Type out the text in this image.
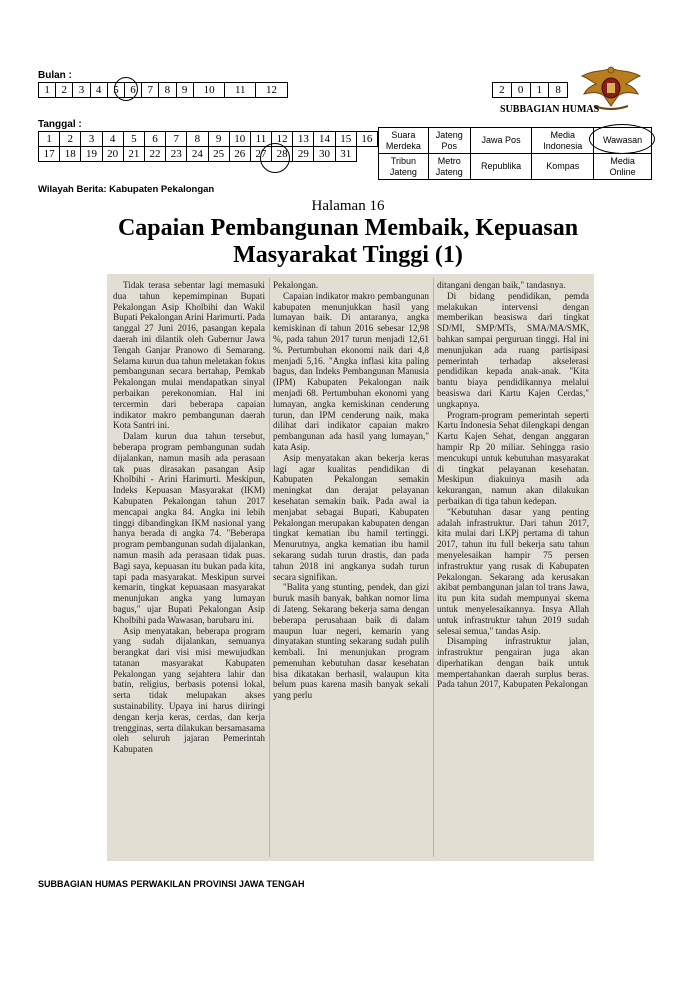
Bulan :
1	2	3	4	5	6	7	8	9	10	11	12
Tanggal :
1	2	3	4	5	6	7	8	9	10	11	12	13	14	15	16
17	18	19	20	21	22	23	24	25	26	27	28	29	30	31	
2	0	1	8
SUBBAGIAN HUMAS
Suara Merdeka	Jateng Pos	Jawa Pos	Media Indonesia	Wawasan
Tribun Jateng	Metro Jateng	Republika	Kompas	Media Online
Wilayah Berita: Kabupaten Pekalongan
Halaman 16
Capaian Pembangunan Membaik, Kepuasan
Masyarakat Tinggi (1)

Tidak terasa sebentar lagi memasuki dua tahun kepemimpinan Bupati Pekalongan Asip Kholbihi dan Wakil Bupati Pekalongan Arini Harimurti. Pada tanggal 27 Juni 2016, pasangan kepala daerah ini dilantik oleh Gubernur Jawa Tengah Ganjar Pranowo di Semarang. Selama kurun dua tahun meletakan fokus pembangunan secara bertahap, Pemkab Pekalongan mulai mendapatkan sinyal perbaikan perekonomian. Hal ini tercermin dari beberapa capaian indikator makro pembangunan daerah Kota Santri ini.

Dalam kurun dua tahun tersebut, beberapa program pembangunan sudah dijalankan, namun masih ada perasaan tak puas dirasakan pasangan Asip Kholbihi - Arini Harimurti. Meskipun, Indeks Kepuasan Masyarakat (IKM) Kabupaten Pekalongan tahun 2017 mencapai angka 84. Angka ini lebih tinggi dibandingkan IKM nasional yang hanya berada di angka 74. "Beberapa program pembangunan sudah dijalankan, namun masih ada perasaan tidak puas. Bagi saya, kepuasan itu bukan pada kita, tapi pada masyarakat. Meskipun survei kemarin, tingkat kepuasaan masyarakat menunjukan angka yang lumayan bagus," ujar Bupati Pekalongan Asip Kholbihi pada Wawasan, barubaru ini.

Asip menyatakan, beberapa program yang sudah dijalankan, semuanya berangkat dari visi misi mewujudkan tatanan masyarakat Kabupaten Pekalongan yang sejahtera lahir dan batin, religius, berbasis potensi lokal, serta tidak melupakan akses sustainability. Upaya ini harus diiringi dengan kerja keras, cerdas, dan kerja trengginas, serta dilakukan bersamasama oleh seluruh jajaran Pemerintah Kabupaten

Pekalongan.

Capaian indikator makro pembangunan kabupaten menunjukkan hasil yang lumayan baik. Di antaranya, angka kemiskinan di tahun 2016 sebesar 12,98 %, pada tahun 2017 turun menjadi 12,61 %. Pertumbuhan ekonomi naik dari 4,8 menjadi 5,16. "Angka inflasi kita paling bagus, dan Indeks Pembangunan Manusia (IPM) Kabupaten Pekalongan naik menjadi 68. Pertumbuhan ekonomi yang lumayan, angka kemiskinan cenderung turun, dan IPM cenderung naik, maka dilihat dari indikator capaian makro pembangunan ada hasil yang lumayan," kata Asip.

Asip menyatakan akan bekerja keras lagi agar kualitas pendidikan di Kabupaten Pekalongan semakin meningkat dan derajat pelayanan kesehatan semakin baik. Pada awal ia menjabat sebagai Bupati, Kabupaten Pekalongan merupakan kabupaten dengan tingkat kematian ibu hamil tertinggi. Menurutnya, angka kematian ibu hamil sekarang sudah turun drastis, dan pada tahun 2018 ini angkanya sudah turun secara signifikan.

"Balita yang stunting, pendek, dan gizi buruk masih banyak, bahkan nomor lima di Jateng. Sekarang bekerja sama dengan beberapa perusahaan baik di dalam maupun luar negeri, kemarin yang dinyatakan stunting sekarang sudah pulih kembali. Ini menunjukan program pemenuhan kebutuhan dasar kesehatan bisa dikatakan berhasil, walaupun kita belum puas karena masih banyak sekali yang perlu

ditangani dengan baik," tandasnya.

Di bidang pendidikan, pemda melakukan intervensi dengan memberikan beasiswa dari tingkat SD/MI, SMP/MTs, SMA/MA/SMK, bahkan sampai perguruan tinggi. Hal ini menunjukan ada ruang partisipasi pemerintah terhadap akselerasi pendidikan kepada anak-anak. "Kita bantu biaya pendidikannya melalui beasiswa dari Kartu Kajen Cerdas," ungkapnya.

Program-program pemerintah seperti Kartu Indonesia Sehat dilengkapi dengan Kartu Kajen Sehat, dengan anggaran hampir Rp 20 miliar. Sehingga rasio mencukupi untuk kebutuhan masyarakat di tingkat pelayanan kesehatan. Meskipun diakuinya masih ada kekurangan, namun akan dilakukan perbaikan di tiga tahun kedepan.

"Kebutuhan dasar yang penting adalah infrastruktur. Dari tahun 2017, kita mulai dari LKPj pertama di tahun 2017, tahun itu full bekerja satu tahun menyelesaikan hampir 75 persen infrastruktur yang rusak di Kabupaten Pekalongan. Sekarang ada kerusakan akibat pembangunan jalan tol trans Jawa, itu pun kita sudah mempunyai skema untuk menyelesaikannya. Insya Allah untuk infrastruktur tahun 2019 sudah selesai semua," tandas Asip.

Disamping infrastruktur jalan, infrastruktur pengairan juga akan diperhatikan dengan baik untuk mempertahankan daerah surplus beras. Pada tahun 2017, Kabupaten Pekalongan

SUBBAGIAN HUMAS PERWAKILAN PROVINSI JAWA TENGAH
